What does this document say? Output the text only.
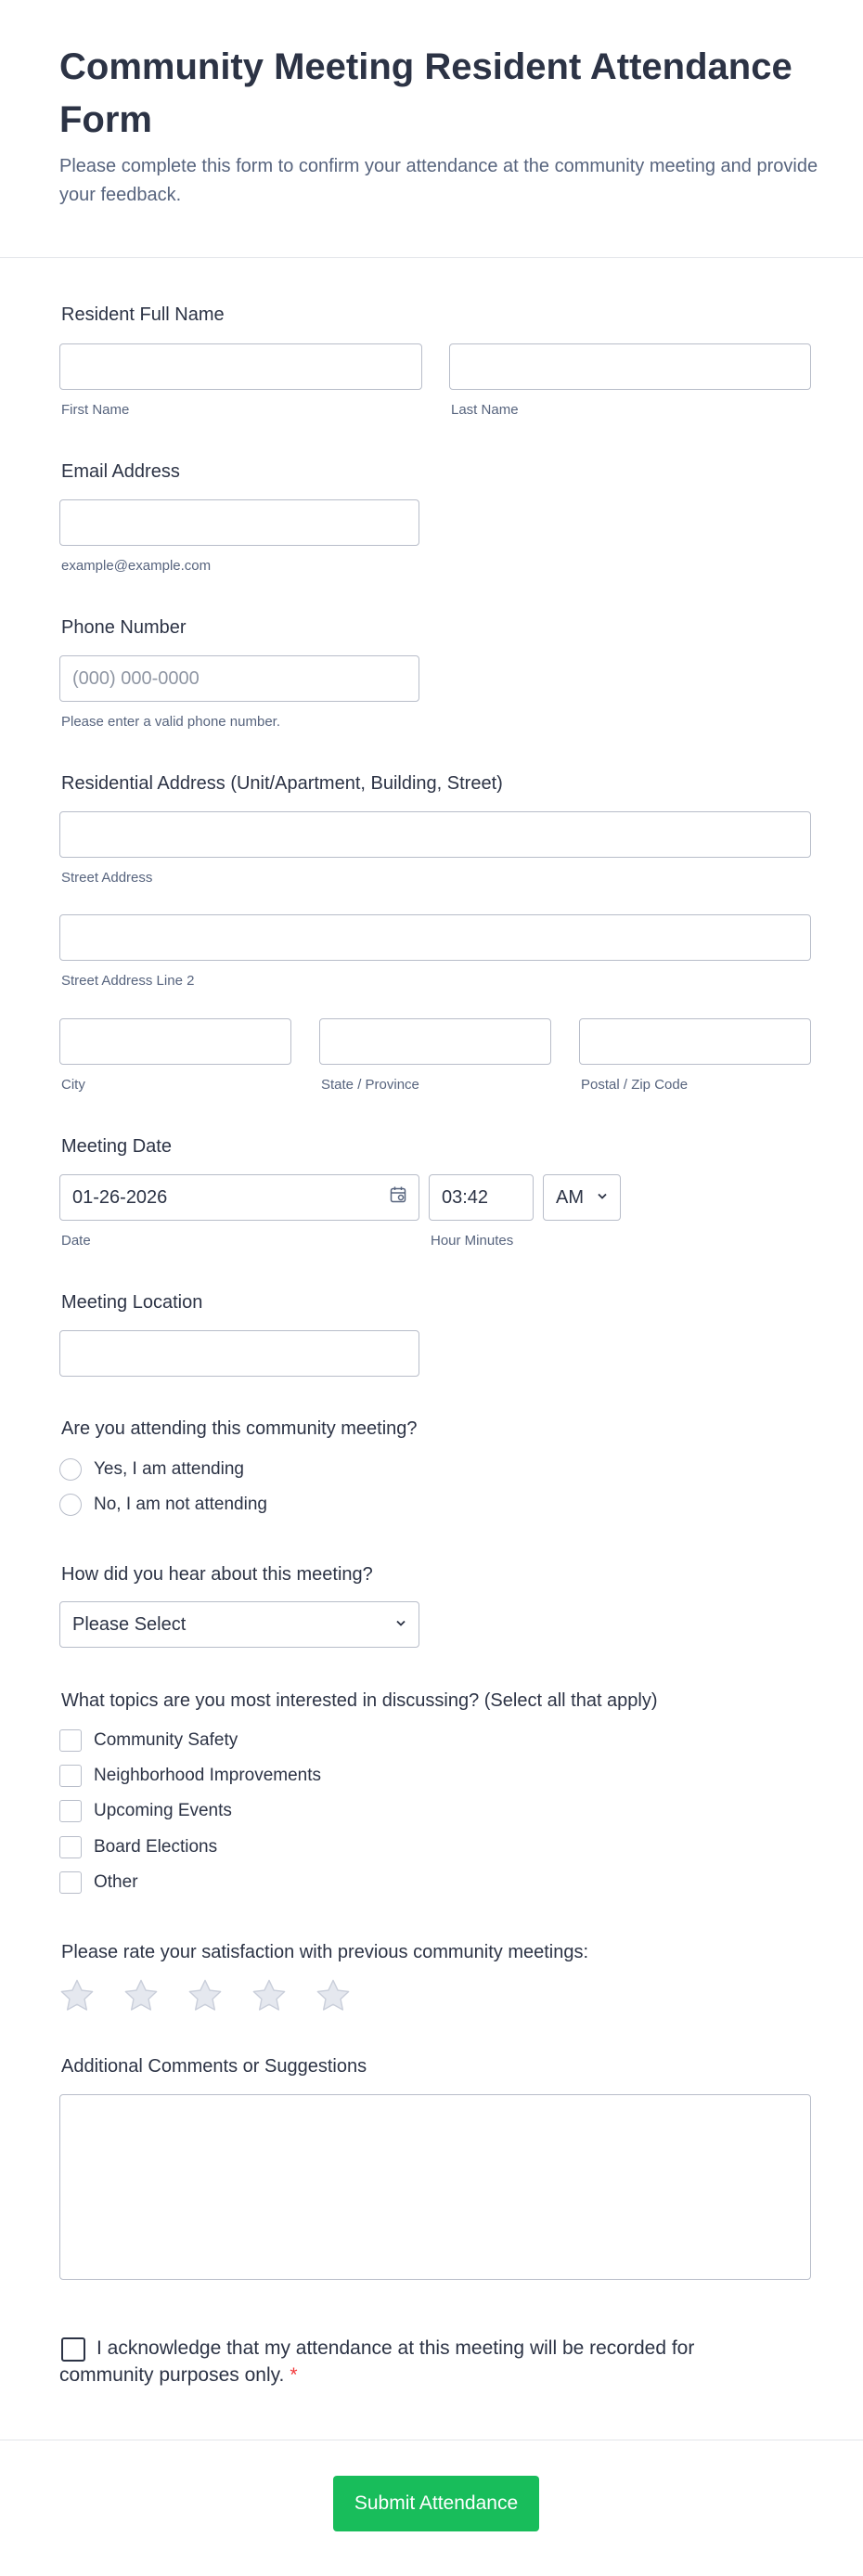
Community Meeting Resident Attendance Form

Please complete this form to confirm your attendance at the community meeting and provide your feedback.

Resident Full Name
First Name	Last Name
Email Address
example@example.com
Phone Number
(000) 000-0000
Please enter a valid phone number.
Residential Address (Unit/Apartment, Building, Street)
Street Address
Street Address Line 2
City	State / Province	Postal / Zip Code
Meeting Date
01-26-2026	03:42	AM
Date	Hour Minutes
Meeting Location
Are you attending this community meeting?
Yes, I am attending
No, I am not attending
How did you hear about this meeting?
Please Select
What topics are you most interested in discussing? (Select all that apply)
Community Safety
Neighborhood Improvements
Upcoming Events
Board Elections
Other
Please rate your satisfaction with previous community meetings:
Additional Comments or Suggestions
I acknowledge that my attendance at this meeting will be recorded for community purposes only. *
Submit Attendance
